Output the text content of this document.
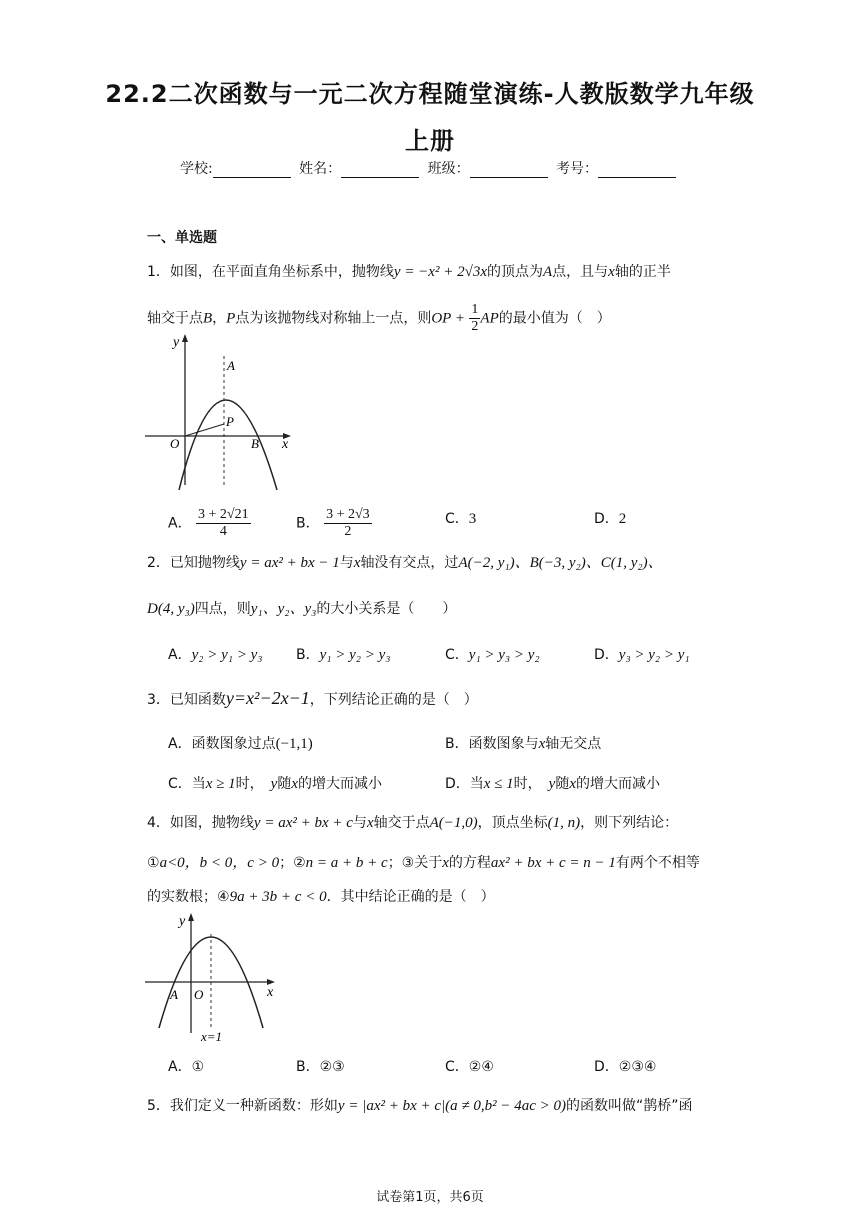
22.2二次函数与一元二次方程随堂演练-人教版数学九年级
上册
学校:	姓名：	班级：	考号：
一、单选题
1．如图，在平面直角坐标系中，抛物线y = −x² + 2√3x的顶点为A点，且与x轴的正半
轴交于点B，P点为该抛物线对称轴上一点，则OP + $\frac{1}{2}$ AP的最小值为（　）
y
x
O
A
P
B
A． $\frac{3 + 2√21}{4}$	B． $\frac{3 + 2√3}{2}$	C．3	D．2
2．已知抛物线y = ax² + bx − 1与x轴没有交点，过A(−2, y₁)、B(−3, y₂)、C(1, y₂)、
D(4, y₃)四点，则y₁、y₂、y₃的大小关系是（　　）
A．y₂ > y₁ > y₃ B．y₁ > y₂ > y₃	C．y₁ > y₃ > y₂	D．y₃ > y₂ > y₁
3．已知函数y=x²−2x−1，下列结论正确的是（　）
A．函数图象过点(−1,1)	B．函数图象与x轴无交点
C．当x ≥ 1时，　y随x的增大而减小	D．当x ≤ 1时，　y随x的增大而减小
4．如图，抛物线y = ax² + bx + c与x轴交于点A(−1,0)，顶点坐标(1, n)，则下列结论：
①a<0，b < 0，c > 0；②n = a + b + c；③关于x的方程ax² + bx + c = n − 1有两个不相等
的实数根；④9a + 3b + c < 0．其中结论正确的是（　）
y
x
A O
x=1
A．①	B．②③	C．②④	D．②③④
5．我们定义一种新函数：形如y = |ax² + bx + c|(a ≠ 0,b² − 4ac > 0)的函数叫做“鹊桥”函
试卷第1页，共6页
